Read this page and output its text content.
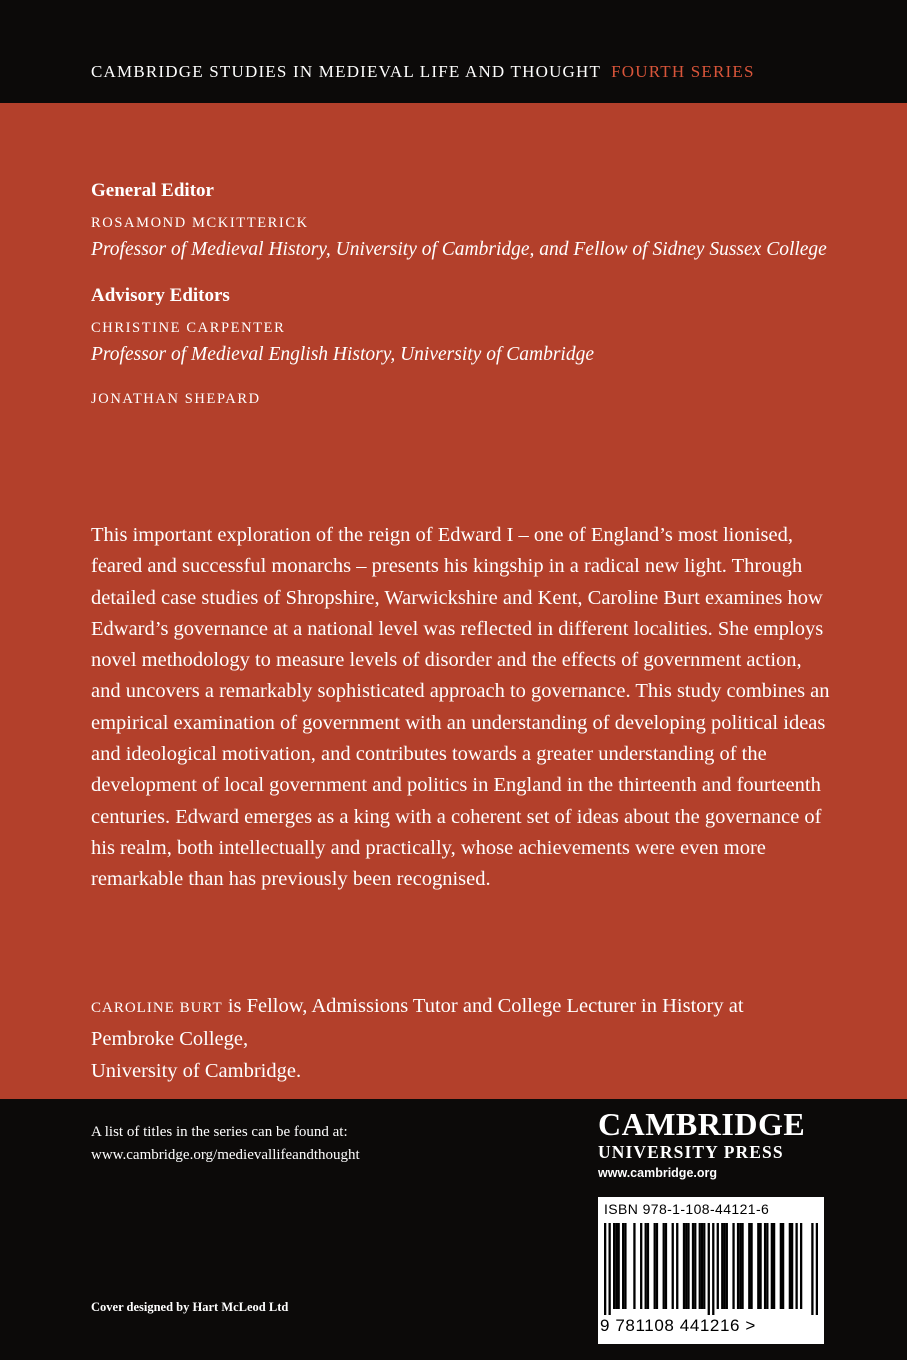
CAMBRIDGE STUDIES IN MEDIEVAL LIFE AND THOUGHT FOURTH SERIES
General Editor
ROSAMOND MCKITTERICK
Professor of Medieval History, University of Cambridge, and Fellow of Sidney Sussex College
Advisory Editors
CHRISTINE CARPENTER
Professor of Medieval English History, University of Cambridge
JONATHAN SHEPARD
This important exploration of the reign of Edward I – one of England’s most lionised, feared and successful monarchs – presents his kingship in a radical new light. Through detailed case studies of Shropshire, Warwickshire and Kent, Caroline Burt examines how Edward’s governance at a national level was reflected in different localities. She employs novel methodology to measure levels of disorder and the effects of government action, and uncovers a remarkably sophisticated approach to governance. This study combines an empirical examination of government with an understanding of developing political ideas and ideological motivation, and contributes towards a greater understanding of the development of local government and politics in England in the thirteenth and fourteenth centuries. Edward emerges as a king with a coherent set of ideas about the governance of his realm, both intellectually and practically, whose achievements were even more remarkable than has previously been recognised.
CAROLINE BURT is Fellow, Admissions Tutor and College Lecturer in History at
Pembroke College,
University of Cambridge.
A list of titles in the series can be found at:
www.cambridge.org/medievallifeandthought
Cover designed by Hart McLeod Ltd
CAMBRIDGE
UNIVERSITY PRESS
www.cambridge.org
ISBN 978-1-108-44121-6
9 781108 441216 >
